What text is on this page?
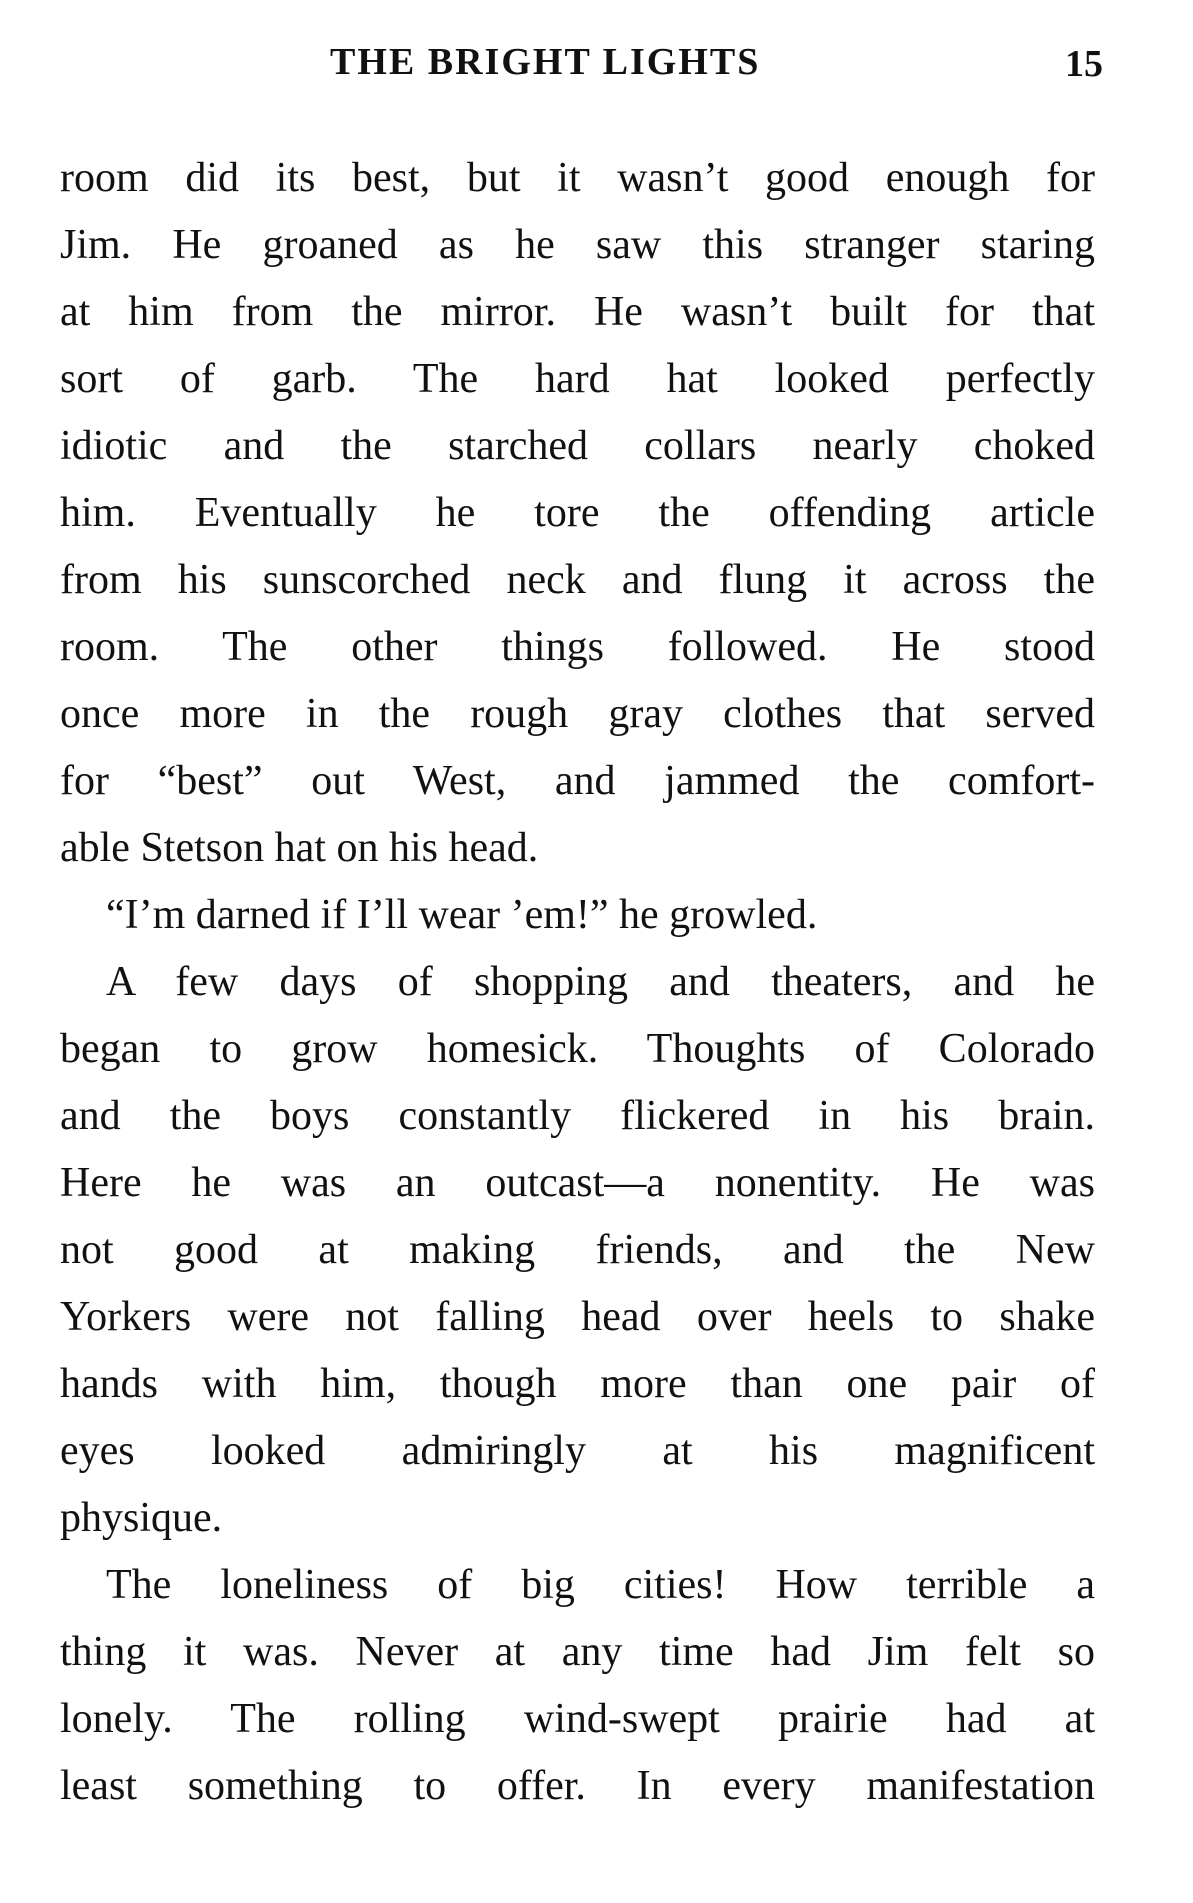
THE BRIGHT LIGHTS	15
room did its best, but it wasn’t good enough for
Jim. He groaned as he saw this stranger staring
at him from the mirror. He wasn’t built for that
sort of garb. The hard hat looked perfectly
idiotic and the starched collars nearly choked
him. Eventually he tore the offending article
from his sunscorched neck and flung it across the
room. The other things followed. He stood
once more in the rough gray clothes that served
for “best” out West, and jammed the comfort-
able Stetson hat on his head.
“I’m darned if I’ll wear ’em!” he growled.
A few days of shopping and theaters, and he
began to grow homesick. Thoughts of Colorado
and the boys constantly flickered in his brain.
Here he was an outcast—a nonentity. He was
not good at making friends, and the New
Yorkers were not falling head over heels to shake
hands with him, though more than one pair of
eyes looked admiringly at his magnificent
physique.
The loneliness of big cities! How terrible a
thing it was. Never at any time had Jim felt so
lonely. The rolling wind-swept prairie had at
least something to offer. In every manifestation
